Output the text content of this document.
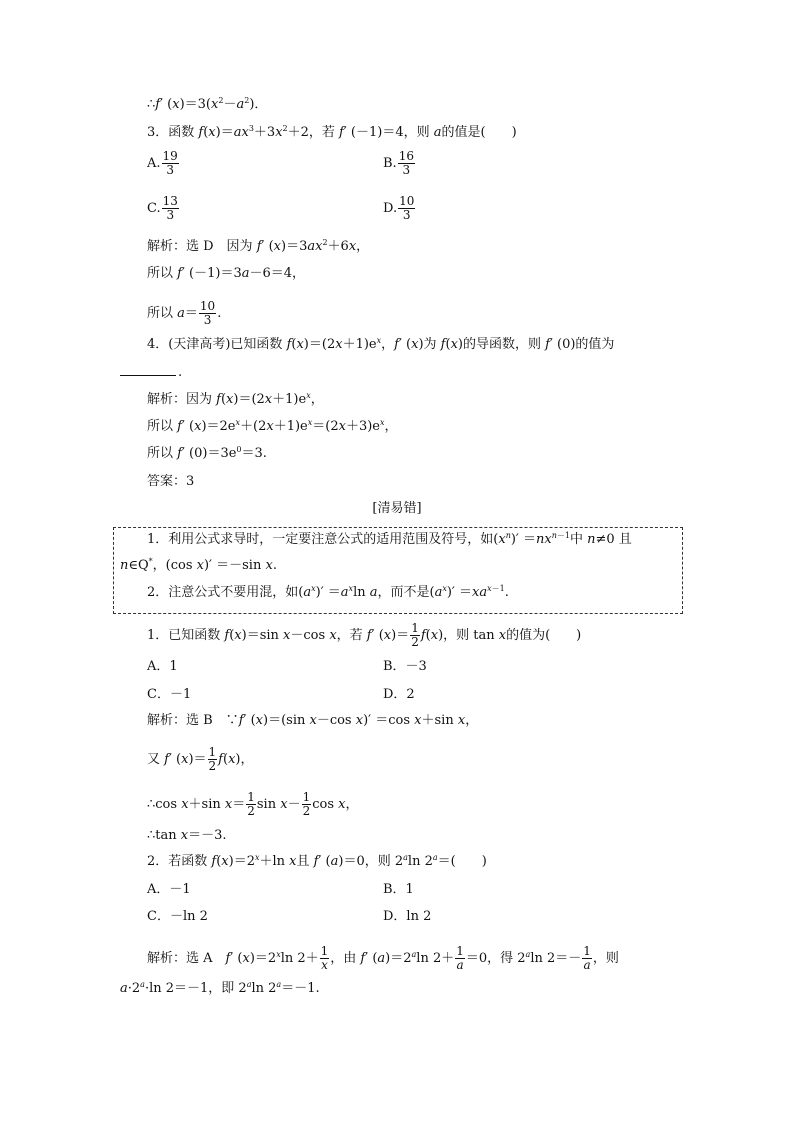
∴f′ $(x)=3(x^2-a^2)$．
3．函数 $f(x)=ax^3+3x^2+2$，若 f′ (－1)＝4，则 a的值是(　　)
A. $\frac{19}{3}$	B. $\frac{16}{3}$
C. $\frac{13}{3}$	D. $\frac{10}{3}$
解析：选 D　因为 f′ $(x)=3ax^2+6x$，
所以 f′ (－1)＝3a－6＝4，
所以 $a= \frac{10}{3}$ .
4．(天津高考)已知函数 $f(x)=(2x+1)e^x$，f′ (x)为 f(x)的导函数，则 f′ (0)的值为
.
解析：因为 $f(x)=(2x+1)e^x$，
所以 f′ $(x)=2e^x+(2x+1)e^x=(2x+3)e^x$，
所以 f′ $(0)=3e^0=3$.
答案：3
[清易错]
1．利用公式求导时，一定要注意公式的适用范围及符号，如$(x^n)' =nx^{n-1}$中 n≠0 且
n∈Q*，(cos x)′ ＝－sin x.
2．注意公式不要用混，如$(a^x)' =a^x\ln$ a，而不是$(a^x)' =xa^{x-1}$.
1．已知函数 f(x)＝sin x－cos x，若 f′ $(x)= \frac{1}{2} f(x)$，则 tan x的值为(　　)
A．1	B．－3
C．－1	D．2
解析：选 B　∵f′ (x)＝(sin x－cos x)′ ＝cos x＋sin x，
又 f′ $(x)= \frac{1}{2} f(x)$，
∴cos x＋sin $x= \frac{1}{2}$ $\sin x- \frac{1}{2}$ cos x，
∴tan x＝－3.
2．若函数 $f(x)=2^x+\ln$ x且 f′ (a)＝0，则 2$^a$ln $2^a=$(　　)
A．－1	B．1
C．－ln 2	D．ln 2
解析：选 A　f′ $(x)=2^x\ln$ $2+ \frac{1}{x}$ ，由 f′ $(a)=2^a\ln$ $2+ \frac{1}{a} =0$，得 2$^a$ln $2=- \frac{1}{a}$ ，则
$a\cdot 2^a\cdot\ln$ 2＝－1，即 2$^a$ln $2^a=-1$.
